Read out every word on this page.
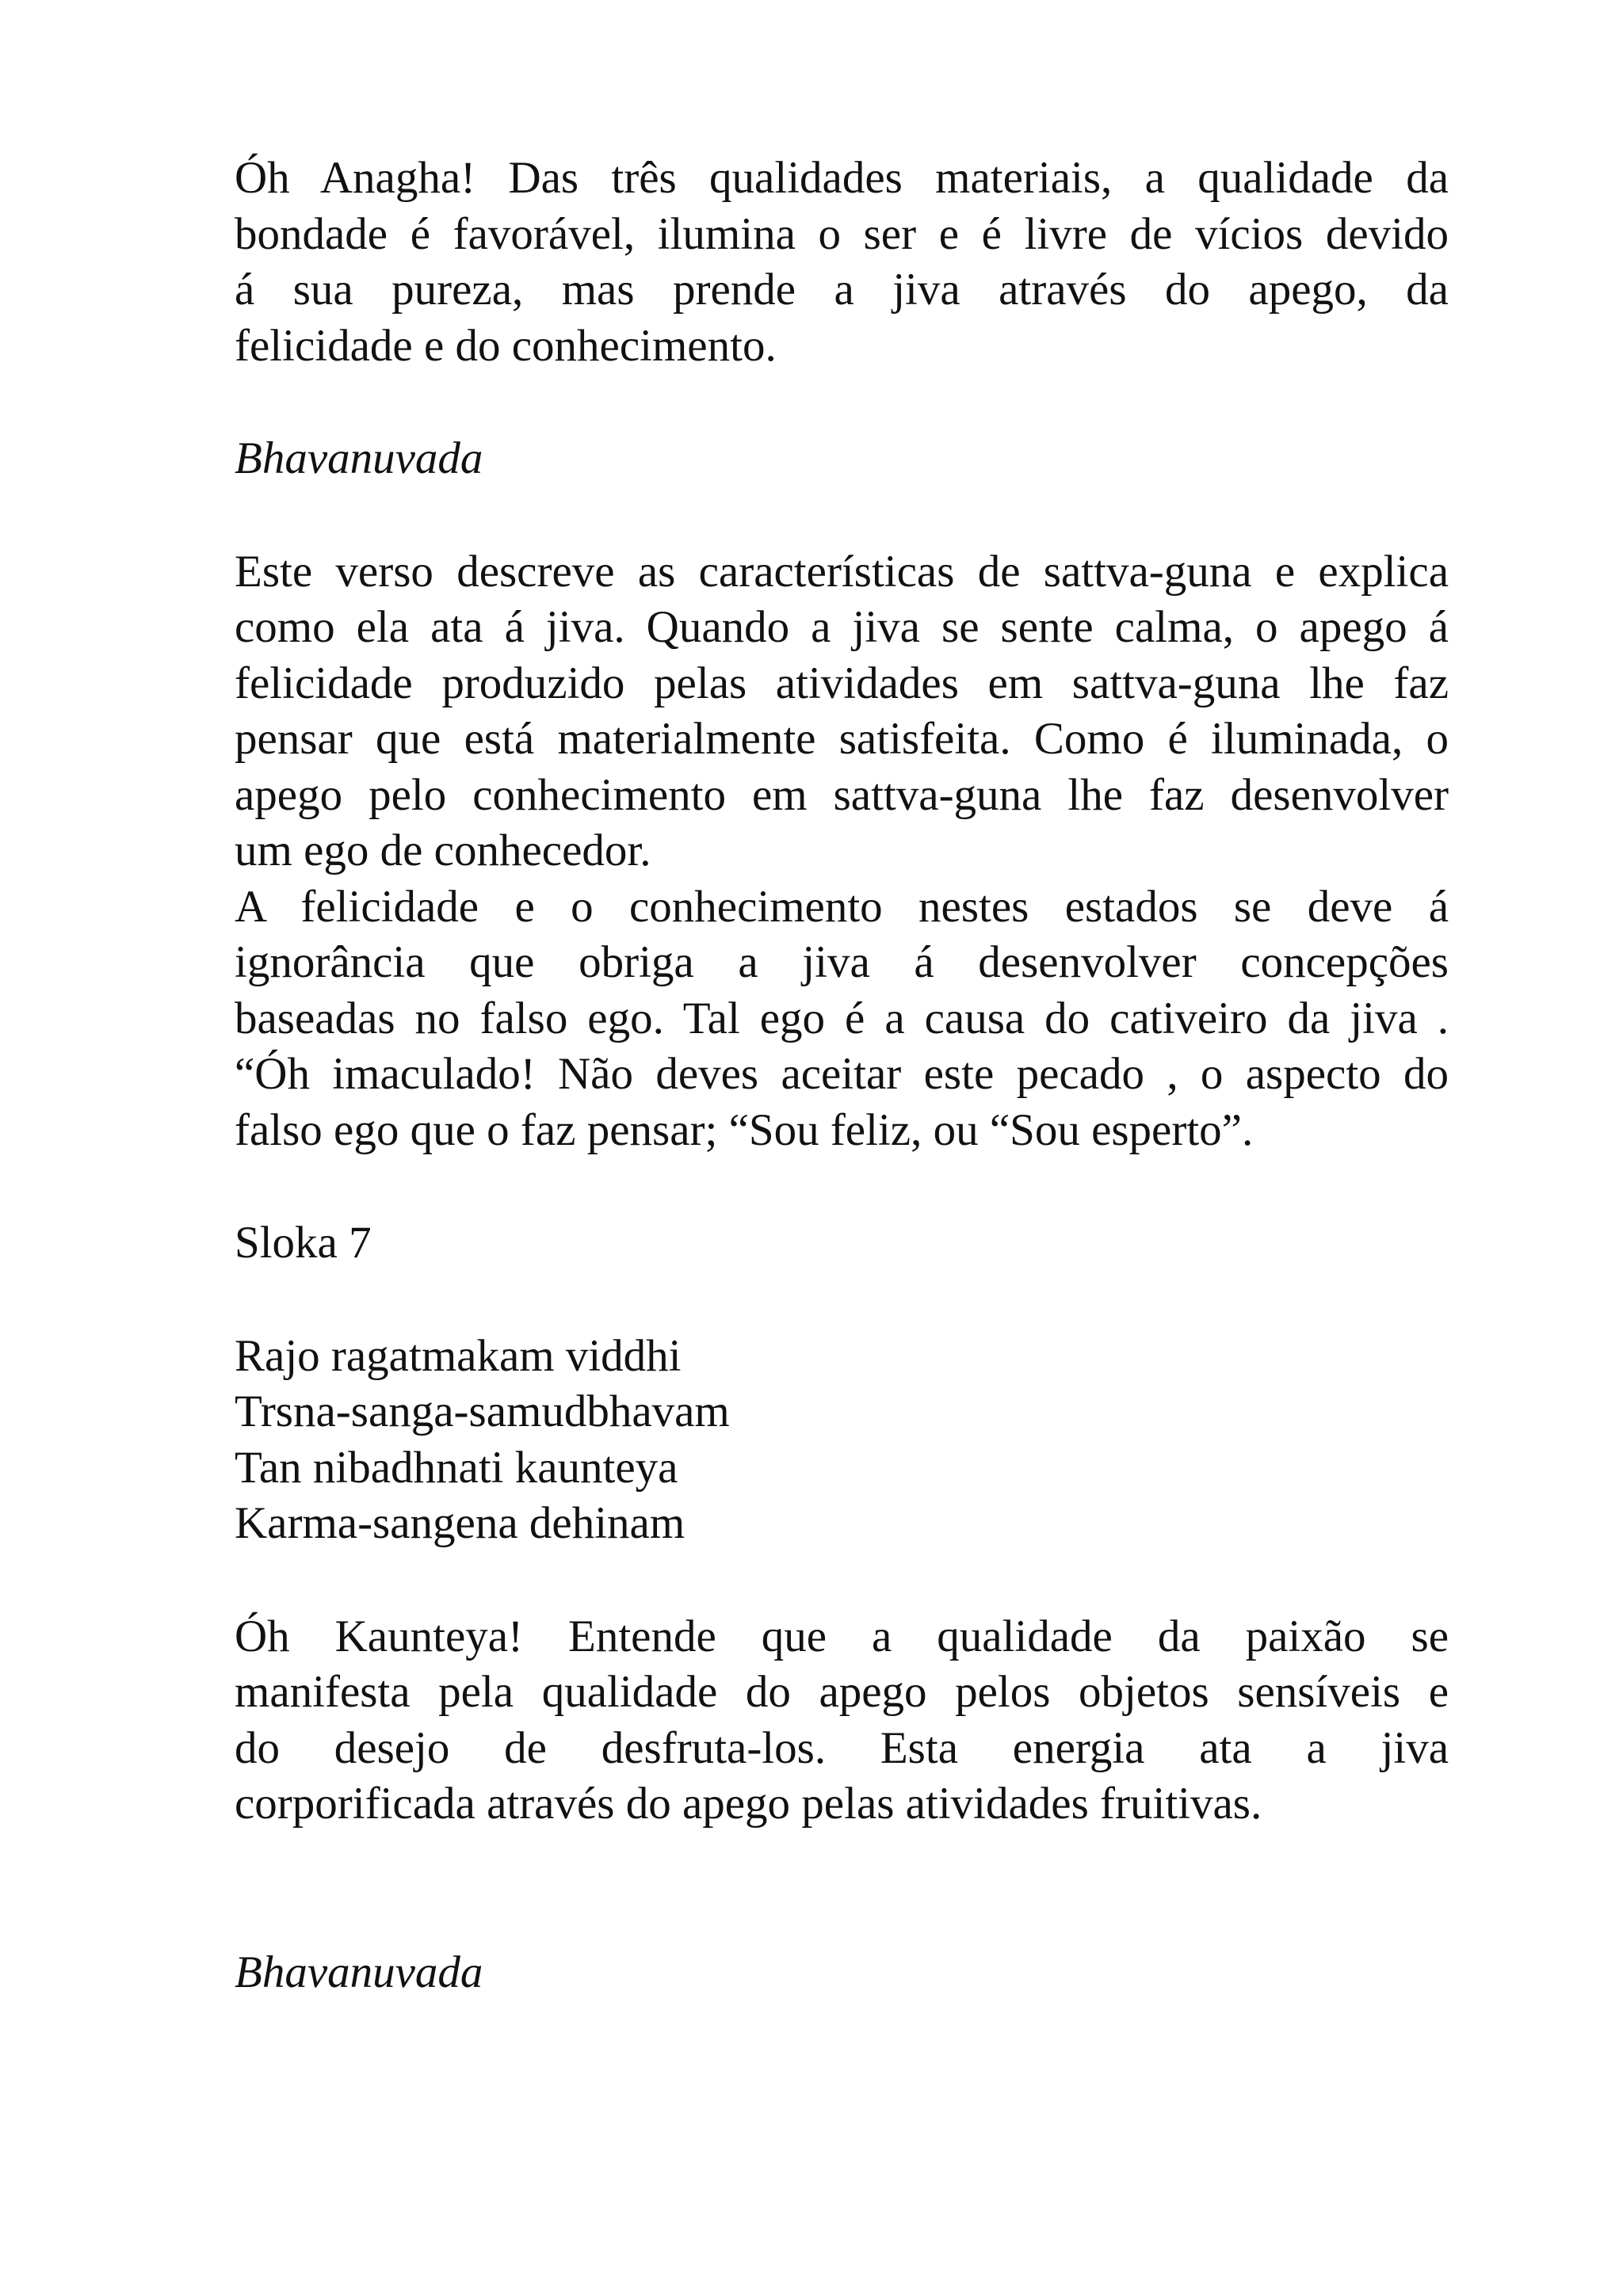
Óh Anagha! Das três qualidades materiais, a qualidade da
bondade é favorável, ilumina o ser e é livre de vícios devido
á sua pureza, mas prende a jiva através do apego, da
felicidade e do conhecimento.

Bhavanuvada

Este verso descreve as características de sattva-guna e explica
como ela ata á jiva. Quando a jiva se sente calma, o apego á
felicidade produzido pelas atividades em sattva-guna lhe faz
pensar que está materialmente satisfeita. Como é iluminada, o
apego pelo conhecimento em sattva-guna lhe faz desenvolver
um ego de conhecedor.
A felicidade e o conhecimento nestes estados se deve á
ignorância que obriga a jiva á desenvolver concepções
baseadas no falso ego. Tal ego é a causa do cativeiro da jiva .
“Óh imaculado! Não deves aceitar este pecado , o aspecto do
falso ego que o faz pensar; “Sou feliz, ou “Sou esperto”.

Sloka 7

Rajo ragatmakam viddhi
Trsna-sanga-samudbhavam
Tan nibadhnati kaunteya
Karma-sangena dehinam

Óh Kaunteya! Entende que a qualidade da paixão se
manifesta pela qualidade do apego pelos objetos sensíveis e
do desejo de desfruta-los. Esta energia ata a jiva
corporificada através do apego pelas atividades fruitivas.

Bhavanuvada
